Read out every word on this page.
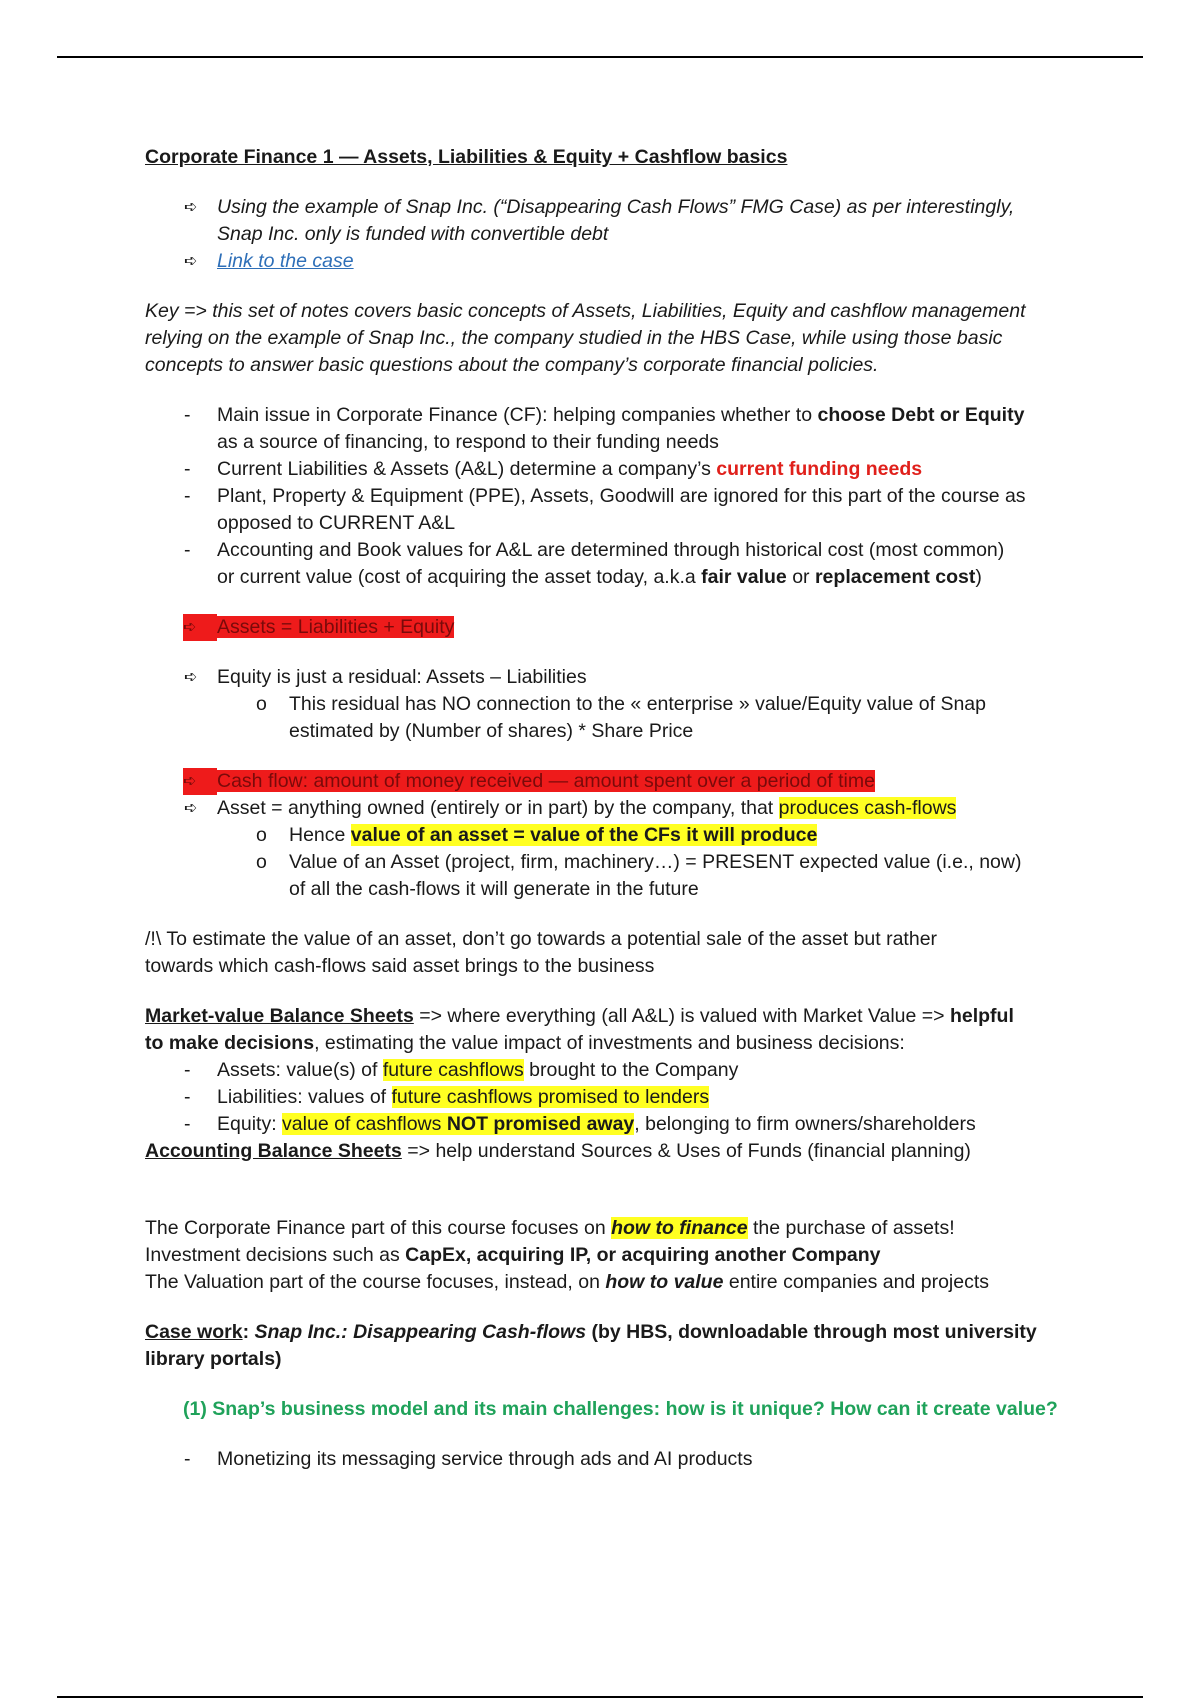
Corporate Finance 1 — Assets, Liabilities & Equity + Cashflow basics
➪	Using the example of Snap Inc. (“Disappearing Cash Flows” FMG Case) as per interestingly,
Snap Inc. only is funded with convertible debt
➪	Link to the case
Key => this set of notes covers basic concepts of Assets, Liabilities, Equity and cashflow management
relying on the example of Snap Inc., the company studied in the HBS Case, while using those basic
concepts to answer basic questions about the company’s corporate financial policies.
-	Main issue in Corporate Finance (CF): helping companies whether to choose Debt or Equity
as a source of financing, to respond to their funding needs
-	Current Liabilities & Assets (A&L) determine a company’s current funding needs
-	Plant, Property & Equipment (PPE), Assets, Goodwill are ignored for this part of the course as
opposed to CURRENT A&L
-	Accounting and Book values for A&L are determined through historical cost (most common)
or current value (cost of acquiring the asset today, a.k.a fair value or replacement cost)
➪	Assets = Liabilities + Equity
➪	Equity is just a residual: Assets – Liabilities
o	This residual has NO connection to the « enterprise » value/Equity value of Snap
estimated by (Number of shares) * Share Price
➪	Cash flow: amount of money received — amount spent over a period of time
➪	Asset = anything owned (entirely or in part) by the company, that produces cash-flows
o	Hence value of an asset = value of the CFs it will produce
o	Value of an Asset (project, firm, machinery…) = PRESENT expected value (i.e., now)
of all the cash-flows it will generate in the future
/!\ To estimate the value of an asset, don’t go towards a potential sale of the asset but rather
towards which cash-flows said asset brings to the business
Market-value Balance Sheets => where everything (all A&L) is valued with Market Value => helpful
to make decisions, estimating the value impact of investments and business decisions:
-	Assets: value(s) of future cashflows brought to the Company
-	Liabilities: values of future cashflows promised to lenders
-	Equity: value of cashflows NOT promised away, belonging to firm owners/shareholders
Accounting Balance Sheets => help understand Sources & Uses of Funds (financial planning)
The Corporate Finance part of this course focuses on how to finance the purchase of assets!
Investment decisions such as CapEx, acquiring IP, or acquiring another Company
The Valuation part of the course focuses, instead, on how to value entire companies and projects
Case work: Snap Inc.: Disappearing Cash-flows (by HBS, downloadable through most university
library portals)
(1) Snap’s business model and its main challenges: how is it unique? How can it create value?
-	Monetizing its messaging service through ads and AI products
